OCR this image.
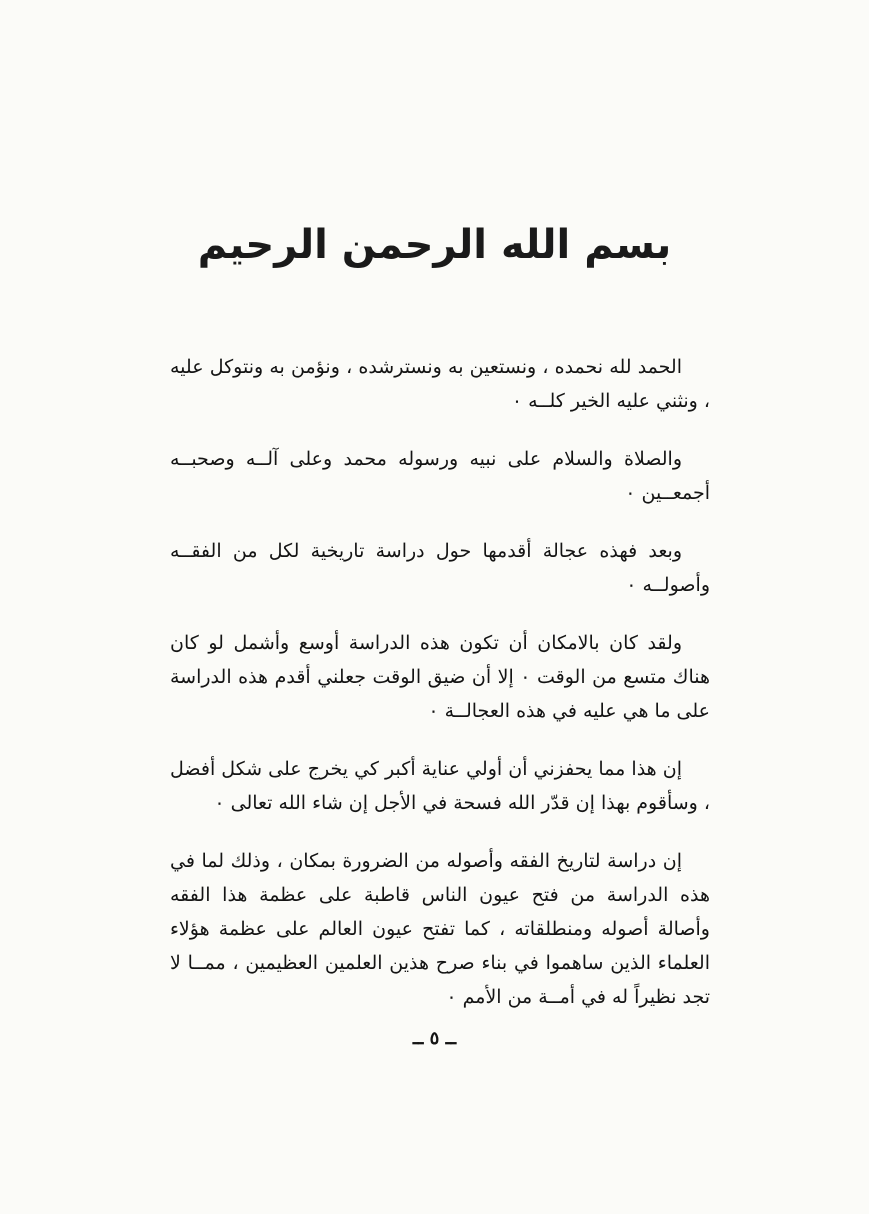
بسم الله الرحمن الرحيم

الحمد لله نحمده ، ونستعين به ونسترشده ، ونؤمن به ونتوكل عليه ، ونثني عليه الخير كلــه ٠

والصلاة والسلام على نبيه ورسوله محمد وعلى آلــه وصحبــه أجمعــين ٠

وبعد فهذه عجالة أقدمها حول دراسة تاريخية لكل من الفقــه وأصولــه ٠

ولقد كان بالامكان أن تكون هذه الدراسة أوسع وأشمل لو كان هناك متسع من الوقت ٠ إلا أن ضيق الوقت جعلني أقدم هذه الدراسة على ما هي عليه في هذه العجالــة ٠

إن هذا مما يحفزني أن أولي عناية أكبر كي يخرج على شكل أفضل ، وسأقوم بهذا إن قدّر الله فسحة في الأجل إن شاء الله تعالى ٠

إن دراسة لتاريخ الفقه وأصوله من الضرورة بمكان ، وذلك لما في هذه الدراسة من فتح عيون الناس قاطبة على عظمة هذا الفقه وأصالة أصوله ومنطلقاته ، كما تفتح عيون العالم على عظمة هؤلاء العلماء الذين ساهموا في بناء صرح هذين العلمين العظيمين ، ممــا لا تجد نظيراً له في أمــة من الأمم ٠

ــ ٥ ــ
